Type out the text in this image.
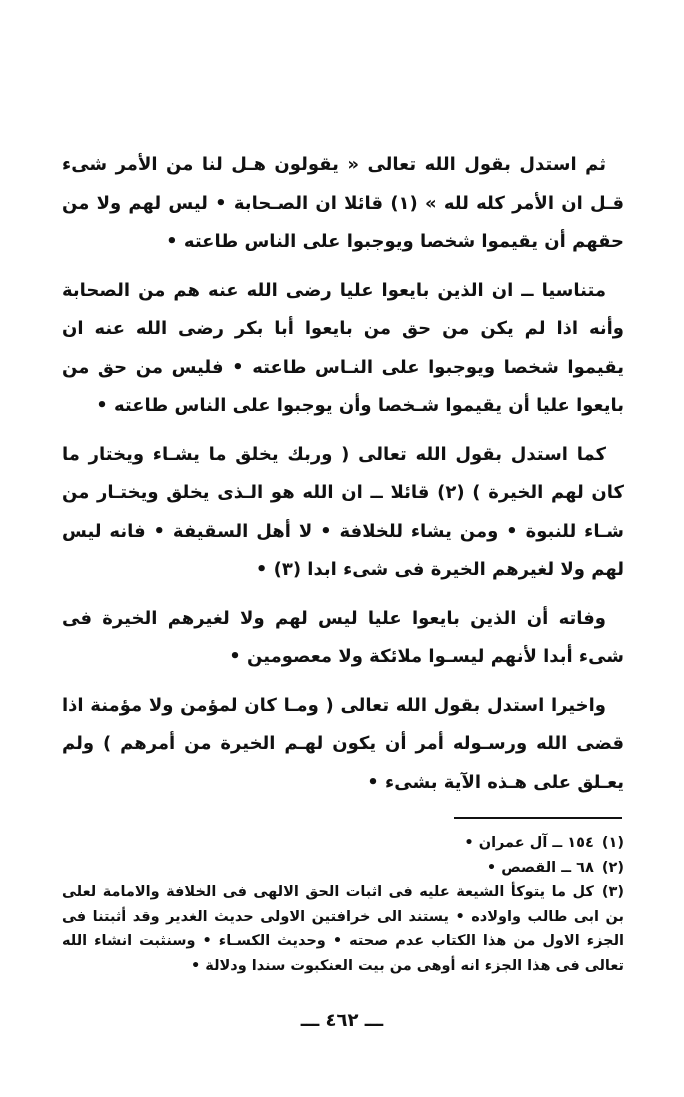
ثم استدل بقول الله تعالى « يقولون هـل لنا من الأمر شىء قـل ان الأمر كله لله » (١) قائلا ان الصـحابة • ليس لهم ولا من حقهم أن يقيموا شخصا ويوجبوا على الناس طاعته •

متناسيا ــ ان الذين بايعوا عليا رضى الله عنه هم من الصحابة وأنه اذا لم يكن من حق من بايعوا أبا بكر رضى الله عنه ان يقيموا شخصا ويوجبوا على النـاس طاعته • فليس من حق من بايعوا عليا أن يقيموا شـخصا وأن يوجبوا على الناس طاعته •

كما استدل بقول الله تعالى ( وربك يخلق ما يشـاء ويختار ما كان لهم الخيرة ) (٢) قائلا ــ ان الله هو الـذى يخلق ويختـار من شـاء للنبوة • ومن يشاء للخلافة • لا أهل السقيفة • فانه ليس لهم ولا لغيرهم الخيرة فى شىء ابدا (٣) •

وفاته أن الذين بايعوا عليا ليس لهم ولا لغيرهم الخيرة فى شىء أبدا لأنهم ليسـوا ملائكة ولا معصومين •

واخيرا استدل بقول الله تعالى ( ومـا كان لمؤمن ولا مؤمنة اذا قضى الله ورسـوله أمر أن يكون لهـم الخيرة من أمرهم ) ولم يعـلق على هـذه الآية بشىء •

(١)١٥٤ ــ آل عمران •

(٢)٦٨ ــ القصص •

(٣)كل ما يتوكأ الشيعة عليه فى اثبات الحق الالهى فى الخلافة والامامة لعلى بن ابى طالب واولاده • يستند الى خرافتين الاولى حديث الغدير وقد أثبتنا فى الجزء الاول من هذا الكتاب عدم صحته • وحديث الكسـاء • وسنثبت انشاء الله تعالى فى هذا الجزء انه أوهى من بيت العنكبوت سندا ودلالة •

ـــ ٤٦٢ ـــ
